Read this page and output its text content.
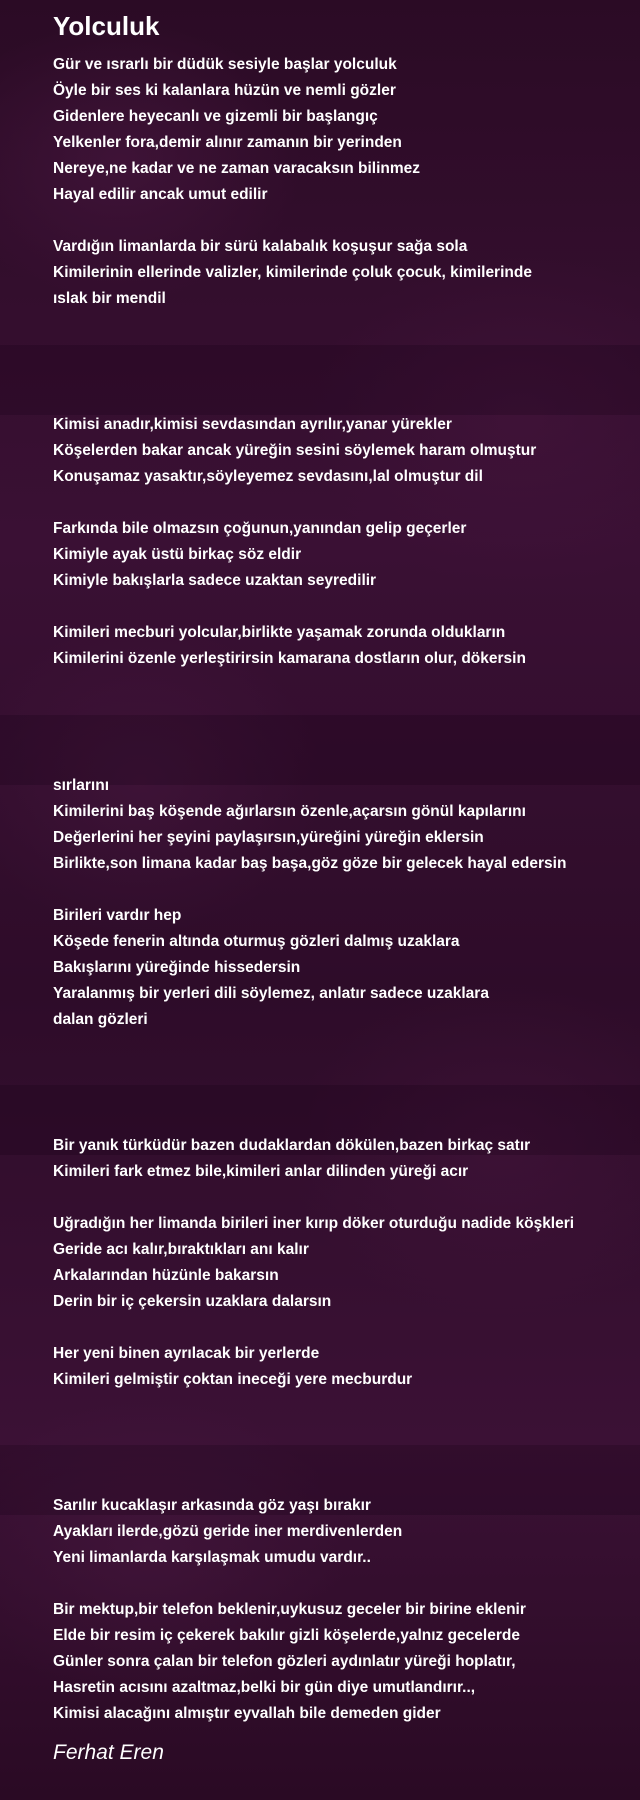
Yolculuk
Gür ve ısrarlı bir düdük sesiyle başlar yolculuk
Öyle bir ses ki kalanlara hüzün ve nemli gözler
Gidenlere heyecanlı ve gizemli bir başlangıç
Yelkenler fora,demir alınır zamanın bir yerinden
Nereye,ne kadar ve ne zaman varacaksın bilinmez
Hayal edilir ancak umut edilir
Vardığın limanlarda bir sürü kalabalık koşuşur sağa sola
Kimilerinin ellerinde valizler, kimilerinde çoluk çocuk, kimilerinde
ıslak bir mendil
Kimisi anadır,kimisi sevdasından ayrılır,yanar yürekler
Köşelerden bakar ancak yüreğin sesini söylemek haram olmuştur
Konuşamaz yasaktır,söyleyemez sevdasını,lal olmuştur dil
Farkında bile olmazsın çoğunun,yanından gelip geçerler
Kimiyle ayak üstü birkaç söz eldir
Kimiyle bakışlarla sadece uzaktan seyredilir
Kimileri mecburi yolcular,birlikte yaşamak zorunda oldukların
Kimilerini özenle yerleştirirsin kamarana dostların olur, dökersin
sırlarını
Kimilerini baş köşende ağırlarsın özenle,açarsın gönül kapılarını
Değerlerini her şeyini paylaşırsın,yüreğini yüreğin eklersin
Birlikte,son limana kadar baş başa,göz göze bir gelecek hayal edersin
Birileri vardır hep
Köşede fenerin altında oturmuş gözleri dalmış uzaklara
Bakışlarını yüreğinde hissedersin
Yaralanmış bir yerleri dili söylemez, anlatır sadece uzaklara
dalan gözleri
Bir yanık türküdür bazen dudaklardan dökülen,bazen birkaç satır
Kimileri fark etmez bile,kimileri anlar dilinden yüreği acır
Uğradığın her limanda birileri iner kırıp döker oturduğu nadide köşkleri
Geride acı kalır,bıraktıkları anı kalır
Arkalarından hüzünle bakarsın
Derin bir iç çekersin uzaklara dalarsın
Her yeni binen ayrılacak bir yerlerde
Kimileri gelmiştir çoktan ineceği yere mecburdur
Sarılır kucaklaşır arkasında göz yaşı bırakır
Ayakları ilerde,gözü geride iner merdivenlerden
Yeni limanlarda karşılaşmak umudu vardır..
Bir mektup,bir telefon beklenir,uykusuz geceler bir birine eklenir
Elde bir resim iç çekerek bakılır gizli köşelerde,yalnız gecelerde
Günler sonra çalan bir telefon gözleri aydınlatır yüreği hoplatır,
Hasretin acısını azaltmaz,belki bir gün diye umutlandırır..,
Kimisi alacağını almıştır eyvallah bile demeden gider
Ferhat Eren
